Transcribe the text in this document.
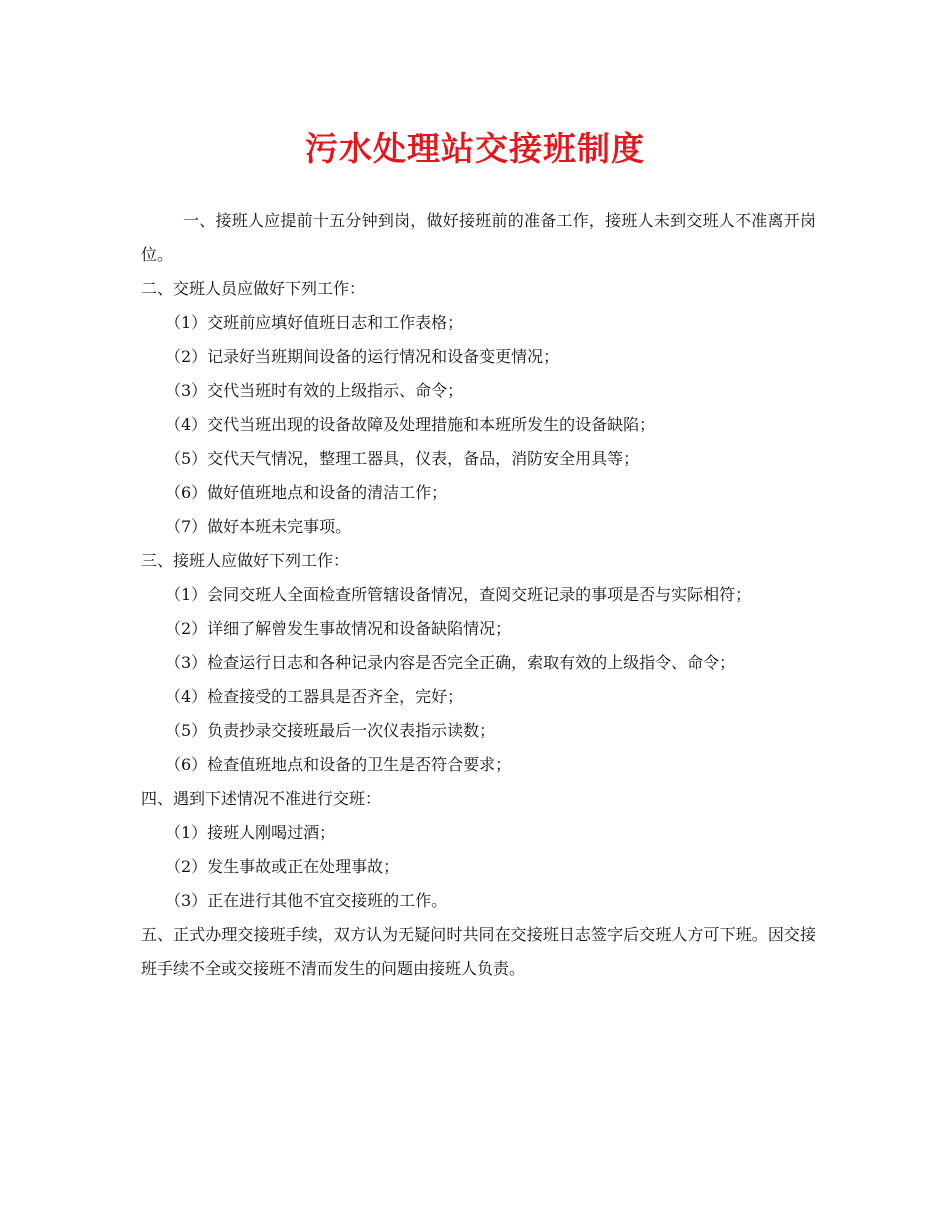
污水处理站交接班制度

一、接班人应提前十五分钟到岗，做好接班前的准备工作，接班人未到交班人不准离开岗位。

二、交班人员应做好下列工作：

（1）交班前应填好值班日志和工作表格；

（2）记录好当班期间设备的运行情况和设备变更情况；

（3）交代当班时有效的上级指示、命令；

（4）交代当班出现的设备故障及处理措施和本班所发生的设备缺陷；

（5）交代天气情况，整理工器具，仪表，备品，消防安全用具等；

（6）做好值班地点和设备的清洁工作；

（7）做好本班未完事项。

三、接班人应做好下列工作：

（1）会同交班人全面检查所管辖设备情况，查阅交班记录的事项是否与实际相符；

（2）详细了解曾发生事故情况和设备缺陷情况；

（3）检查运行日志和各种记录内容是否完全正确，索取有效的上级指令、命令；

（4）检查接受的工器具是否齐全，完好；

（5）负责抄录交接班最后一次仪表指示读数；

（6）检查值班地点和设备的卫生是否符合要求；

四、遇到下述情况不准进行交班：

（1）接班人刚喝过酒；

（2）发生事故或正在处理事故；

（3）正在进行其他不宜交接班的工作。

五、正式办理交接班手续，双方认为无疑问时共同在交接班日志签字后交班人方可下班。因交接班手续不全或交接班不清而发生的问题由接班人负责。
